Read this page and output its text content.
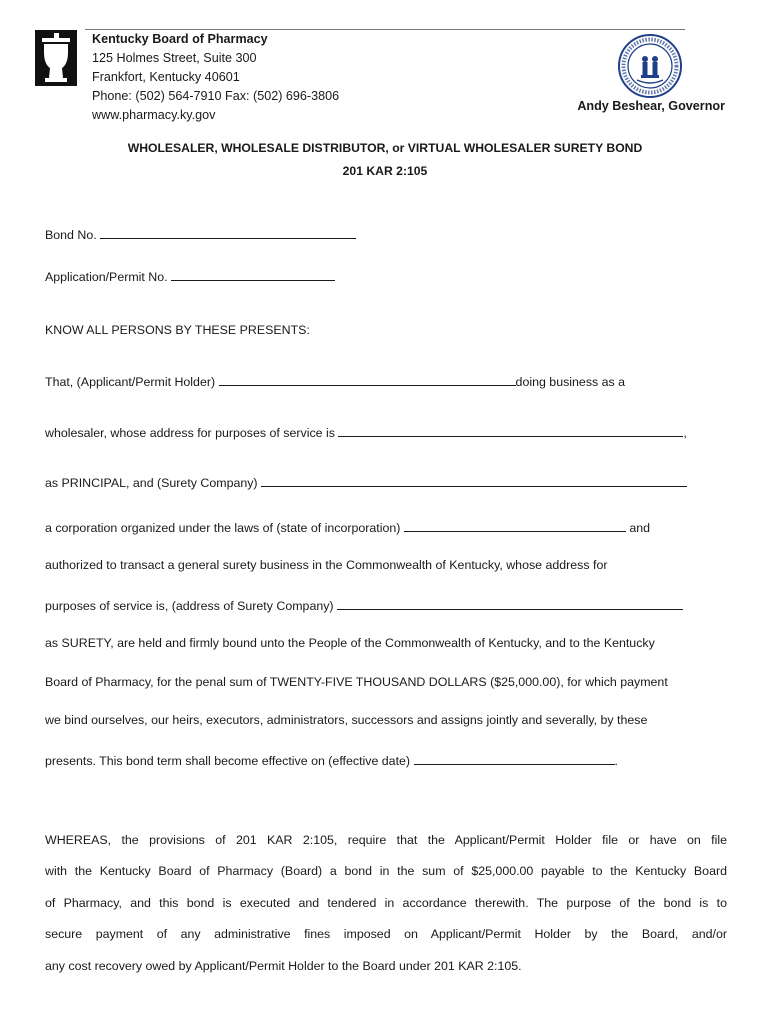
Kentucky Board of Pharmacy
125 Holmes Street, Suite 300
Frankfort, Kentucky 40601
Phone: (502) 564-7910 Fax: (502) 696-3806
www.pharmacy.ky.gov
Andy Beshear, Governor
WHOLESALER, WHOLESALE DISTRIBUTOR, or VIRTUAL WHOLESALER SURETY BOND
201 KAR 2:105
Bond No.
Application/Permit No.
KNOW ALL PERSONS BY THESE PRESENTS:
That, (Applicant/Permit Holder)	doing business as a
wholesaler, whose address for purposes of service is	,
as PRINCIPAL, and (Surety Company)
a corporation organized under the laws of (state of incorporation)	and
authorized to transact a general surety business in the Commonwealth of Kentucky, whose address for
purposes of service is, (address of Surety Company)
as SURETY, are held and firmly bound unto the People of the Commonwealth of Kentucky, and to the Kentucky
Board of Pharmacy, for the penal sum of TWENTY-FIVE THOUSAND DOLLARS ($25,000.00), for which payment
we bind ourselves, our heirs, executors, administrators, successors and assigns jointly and severally, by these
presents. This bond term shall become effective on (effective date)	.
WHEREAS, the provisions of 201 KAR 2:105, require that the Applicant/Permit Holder file or have on file
with the Kentucky Board of Pharmacy (Board) a bond in the sum of $25,000.00 payable to the Kentucky Board
of Pharmacy, and this bond is executed and tendered in accordance therewith. The purpose of the bond is to
secure payment of any administrative fines imposed on Applicant/Permit Holder by the Board, and/or
any cost recovery owed by Applicant/Permit Holder to the Board under 201 KAR 2:105.
